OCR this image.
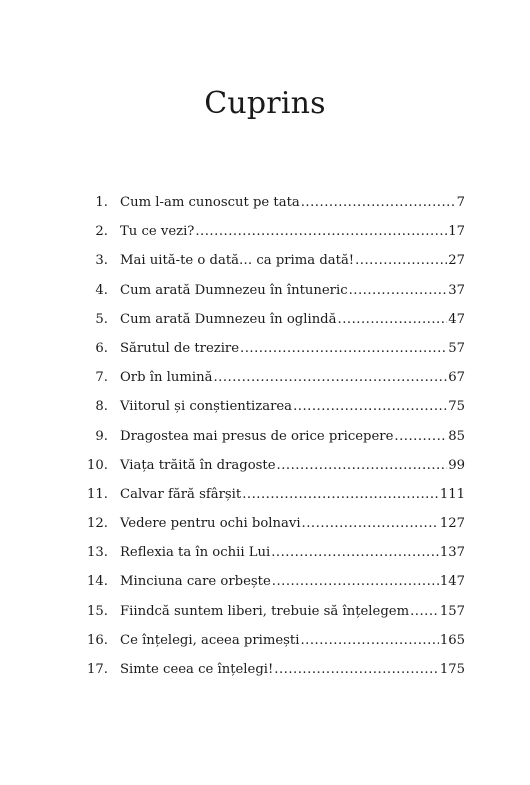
Cuprins
1. Cum l-am cunoscut pe tata .....	7
2. Tu ce vezi? .....	17
3. Mai uită-te o dată… ca prima dată! .....	27
4. Cum arată Dumnezeu în întuneric .....	37
5. Cum arată Dumnezeu în oglindă .....	47
6. Sărutul de trezire .....	57
7. Orb în lumină .....	67
8. Viitorul și conștientizarea .....	75
9. Dragostea mai presus de orice pricepere .....	85
10. Viața trăită în dragoste .....	99
11. Calvar fără sfârșit .....	111
12. Vedere pentru ochi bolnavi .....	127
13. Reflexia ta în ochii Lui .....	137
14. Minciuna care orbește .....	147
15. Fiindcă suntem liberi, trebuie să înțelegem ..... 157
16. Ce înțelegi, aceea primești .....	165
17. Simte ceea ce înțelegi! .....	175
